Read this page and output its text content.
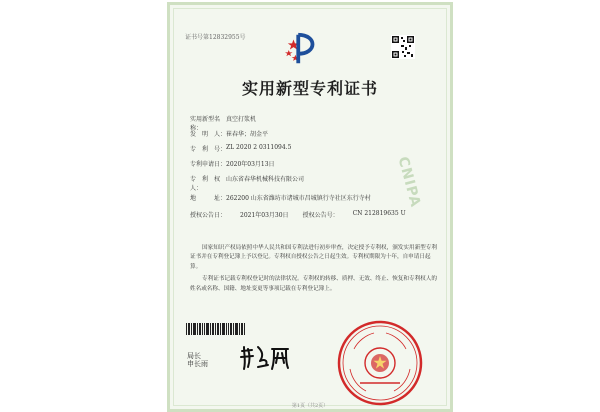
CNIPA
证书号第12832955号
实用新型专利证书
实用新型名称：
真空打浆机
发　明　人： 崔春华；胡金平
专　利　号： ZL 2020 2 0311094.5
专利申请日： 2020年03月13日
专　利　权　人：
山东省春华机械科技有限公司
地　　　址： 262200 山东省潍坊市诸城市昌城镇行寺社区东行寺村
授权公告日： 2021年03月30日 授权公告号： CN 212819635 U

国家知识产权局依照中华人民共和国专利法进行初步审查，决定授予专利权，颁发实用新型专利证书并在专利登记簿上予以登记。专利权自授权公告之日起生效。专利权期限为十年，自申请日起算。

专利证书记载专利权登记时的法律状况。专利权的转移、质押、无效、终止、恢复和专利权人的姓名或名称、国籍、地址变更等事项记载在专利登记簿上。

局长
申长雨
第1页（共2页）
